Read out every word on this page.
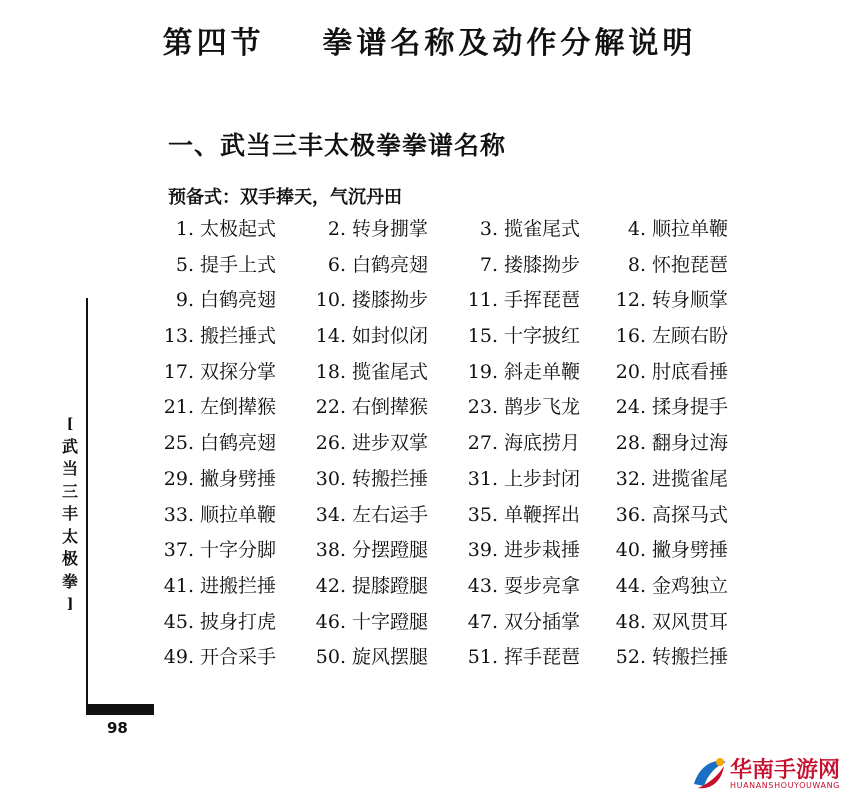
第四节    拳谱名称及动作分解说明
一、武当三丰太极拳拳谱名称
预备式：双手捧天，气沉丹田
1. 太极起式	2. 转身掤掌	3. 揽雀尾式	4. 顺拉单鞭
5. 提手上式	6. 白鹤亮翅	7. 搂膝拗步	8. 怀抱琵琶
9. 白鹤亮翅	10. 搂膝拗步	11. 手挥琵琶	12. 转身顺掌
13. 搬拦捶式	14. 如封似闭	15. 十字披红	16. 左顾右盼
17. 双探分掌	18. 揽雀尾式	19. 斜走单鞭	20. 肘底看捶
21. 左倒撵猴	22. 右倒撵猴	23. 鹊步飞龙	24. 揉身提手
25. 白鹤亮翅	26. 进步双掌	27. 海底捞月	28. 翻身过海
29. 撇身劈捶	30. 转搬拦捶	31. 上步封闭	32. 进揽雀尾
33. 顺拉单鞭	34. 左右运手	35. 单鞭挥出	36. 高探马式
37. 十字分脚	38. 分摆蹬腿	39. 进步栽捶	40. 撇身劈捶
41. 进搬拦捶	42. 提膝蹬腿	43. 耍步亮拿	44. 金鸡独立
45. 披身打虎	46. 十字蹬腿	47. 双分插掌	48. 双风贯耳
49. 开合采手	50. 旋风摆腿	51. 挥手琵琶	52. 转搬拦捶
[
武
当
三
丰
太
极
拳
]
98
华南手游网
HUANANSHOUYOUWANG
